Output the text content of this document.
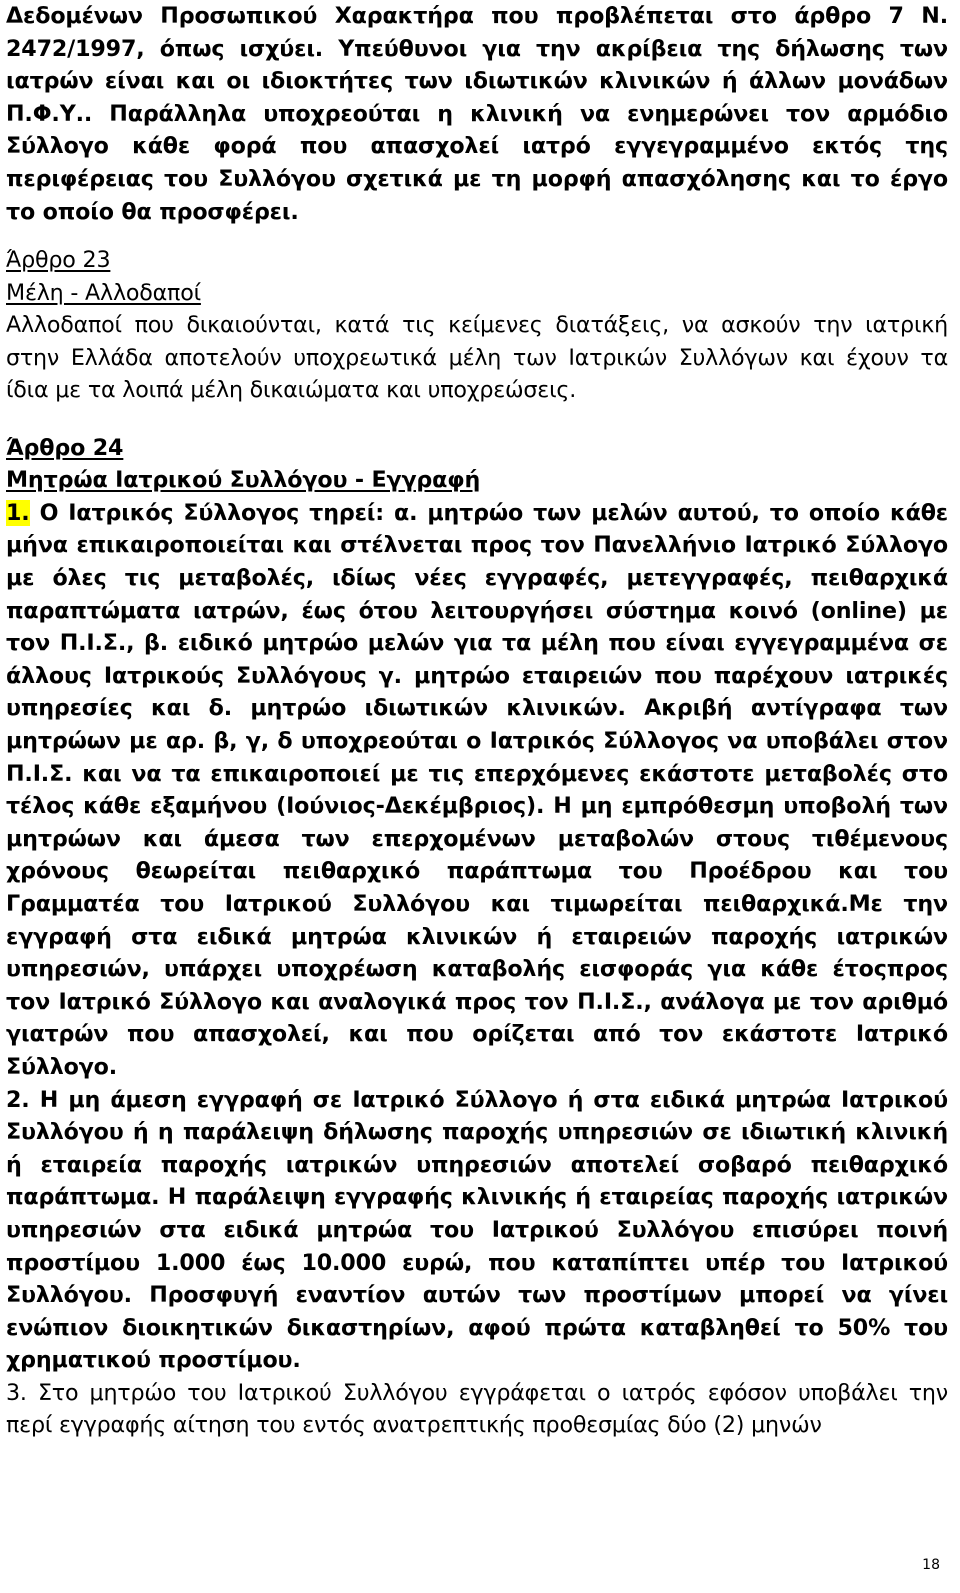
Δεδομένων Προσωπικού Χαρακτήρα που προβλέπεται στο άρθρο 7 Ν. 2472/1997, όπως ισχύει. Υπεύθυνοι για την ακρίβεια της δήλωσης των ιατρών είναι και οι ιδιοκτήτες των ιδιωτικών κλινικών ή άλλων μονάδων Π.Φ.Υ.. Παράλληλα υποχρεούται η κλινική να ενημερώνει τον αρμόδιο Σύλλογο κάθε φορά που απασχολεί ιατρό εγγεγραμμένο εκτός της περιφέρειας του Συλλόγου σχετικά με τη μορφή απασχόλησης και το έργο το οποίο θα προσφέρει.

Άρθρο 23

Μέλη - Αλλοδαποί

Αλλοδαποί που δικαιούνται, κατά τις κείμενες διατάξεις, να ασκούν την ιατρική στην Ελλάδα αποτελούν υποχρεωτικά μέλη των Ιατρικών Συλλόγων και έχουν τα ίδια με τα λοιπά μέλη δικαιώματα και υποχρεώσεις.

Άρθρο 24

Μητρώα Ιατρικού Συλλόγου - Εγγραφή

1. Ο Ιατρικός Σύλλογος τηρεί: α. μητρώο των μελών αυτού, το οποίο κάθε μήνα επικαιροποιείται και στέλνεται προς τον Πανελλήνιο Ιατρικό Σύλλογο με όλες τις μεταβολές, ιδίως νέες εγγραφές, μετεγγραφές, πειθαρχικά παραπτώματα ιατρών, έως ότου λειτουργήσει σύστημα κοινό (online) με τον Π.Ι.Σ., β. ειδικό μητρώο μελών για τα μέλη που είναι εγγεγραμμένα σε άλλους Ιατρικούς Συλλόγους γ. μητρώο εταιρειών που παρέχουν ιατρικές υπηρεσίες και δ. μητρώο ιδιωτικών κλινικών. Ακριβή αντίγραφα των μητρώων με αρ. β, γ, δ υποχρεούται ο Ιατρικός Σύλλογος να υποβάλει στον Π.Ι.Σ. και να τα επικαιροποιεί με τις επερχόμενες εκάστοτε μεταβολές στο τέλος κάθε εξαμήνου (Ιούνιος-Δεκέμβριος). Η μη εμπρόθεσμη υποβολή των μητρώων και άμεσα των επερχομένων μεταβολών στους τιθέμενους χρόνους θεωρείται πειθαρχικό παράπτωμα του Προέδρου και του Γραμματέα του Ιατρικού Συλλόγου και τιμωρείται πειθαρχικά.Με την εγγραφή στα ειδικά μητρώα κλινικών ή εταιρειών παροχής ιατρικών υπηρεσιών, υπάρχει υποχρέωση καταβολής εισφοράς για κάθε έτοςπρος τον Ιατρικό Σύλλογο και αναλογικά προς τον Π.Ι.Σ., ανάλογα με τον αριθμό γιατρών που απασχολεί, και που ορίζεται από τον εκάστοτε Ιατρικό Σύλλογο.

2. Η μη άμεση εγγραφή σε Ιατρικό Σύλλογο ή στα ειδικά μητρώα Ιατρικού Συλλόγου ή η παράλειψη δήλωσης παροχής υπηρεσιών σε ιδιωτική κλινική ή εταιρεία παροχής ιατρικών υπηρεσιών αποτελεί σοβαρό πειθαρχικό παράπτωμα. Η παράλειψη εγγραφής κλινικής ή εταιρείας παροχής ιατρικών υπηρεσιών στα ειδικά μητρώα του Ιατρικού Συλλόγου επισύρει ποινή προστίμου 1.000 έως 10.000 ευρώ, που καταπίπτει υπέρ του Ιατρικού Συλλόγου. Προσφυγή εναντίον αυτών των προστίμων μπορεί να γίνει ενώπιον διοικητικών δικαστηρίων, αφού πρώτα καταβληθεί το 50% του χρηματικού προστίμου.

3. Στο μητρώο του Ιατρικού Συλλόγου εγγράφεται ο ιατρός εφόσον υποβάλει την περί εγγραφής αίτηση του εντός ανατρεπτικής προθεσμίας δύο (2) μηνών

18
